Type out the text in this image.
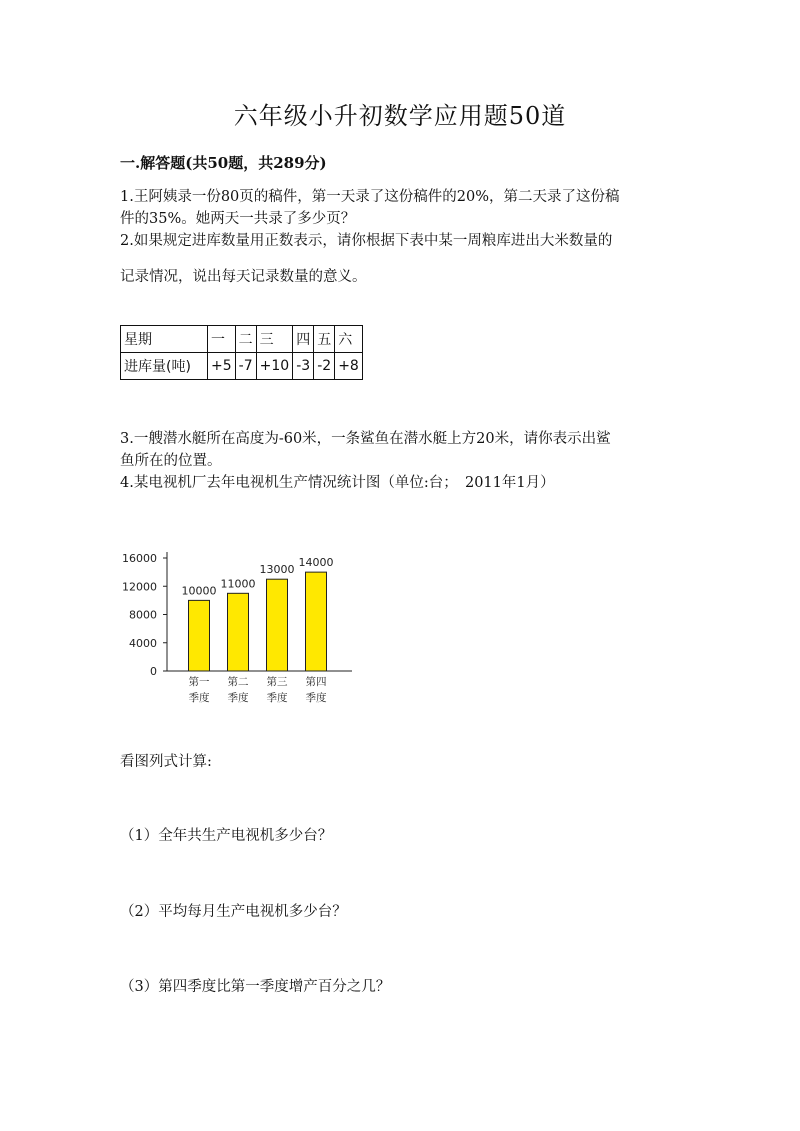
六年级小升初数学应用题50道
一.解答题(共50题，共289分)
1.王阿姨录一份80页的稿件，第一天录了这份稿件的20%，第二天录了这份稿
件的35%。她两天一共录了多少页？
2.如果规定进库数量用正数表示，请你根据下表中某一周粮库进出大米数量的
记录情况，说出每天记录数量的意义。
星期	一	二	三	四	五	六
进库量(吨)	+5	-7	+10	-3	-2	+8
3.一艘潜水艇所在高度为-60米，一条鲨鱼在潜水艇上方20米，请你表示出鲨
鱼所在的位置。
4.某电视机厂去年电视机生产情况统计图（单位:台；　2011年1月）
0
4000
8000
12000
16000
10000
第一
季度
11000
第二
季度
13000
第三
季度
14000
第四
季度
看图列式计算:
（1）全年共生产电视机多少台？
（2）平均每月生产电视机多少台？
（3）第四季度比第一季度增产百分之几？
